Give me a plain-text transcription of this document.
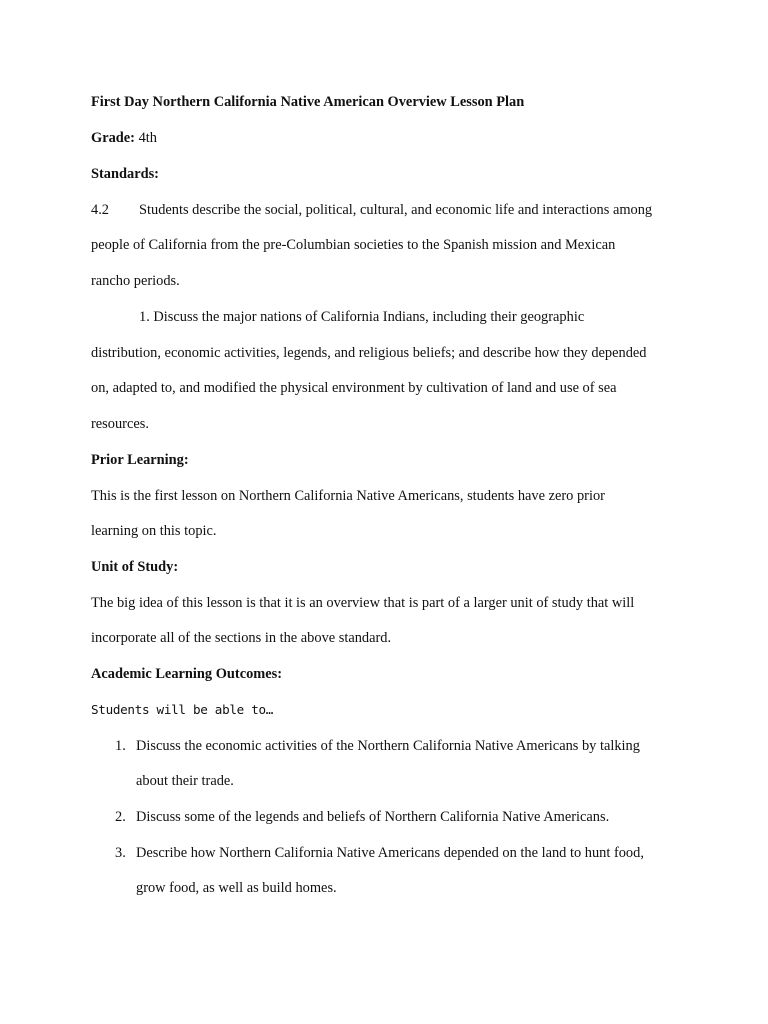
First Day Northern California Native American Overview Lesson Plan
Grade: 4th
Standards:
4.2 Students describe the social, political, cultural, and economic life and interactions among
people of California from the pre-Columbian societies to the Spanish mission and Mexican
rancho periods.
1. Discuss the major nations of California Indians, including their geographic
distribution, economic activities, legends, and religious beliefs; and describe how they depended
on, adapted to, and modified the physical environment by cultivation of land and use of sea
resources.
Prior Learning:
This is the first lesson on Northern California Native Americans, students have zero prior
learning on this topic.
Unit of Study:
The big idea of this lesson is that it is an overview that is part of a larger unit of study that will
incorporate all of the sections in the above standard.
Academic Learning Outcomes:
Students will be able to…
1. Discuss the economic activities of the Northern California Native Americans by talking
about their trade.
2. Discuss some of the legends and beliefs of Northern California Native Americans.
3. Describe how Northern California Native Americans depended on the land to hunt food,
grow food, as well as build homes.
